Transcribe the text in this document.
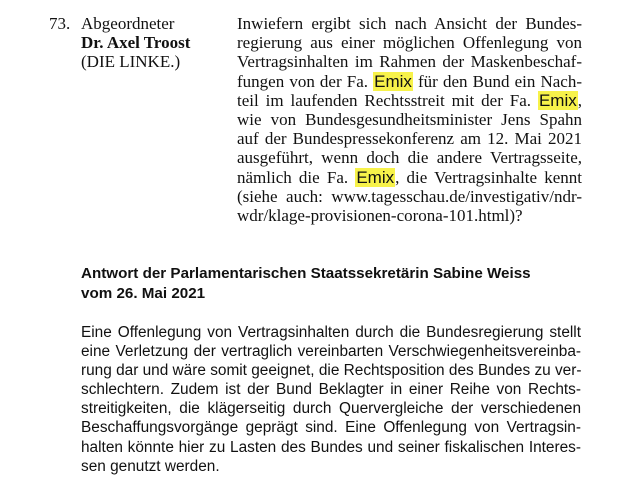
73. Abgeordneter
Dr. Axel Troost
(DIE LINKE.)
Inwiefern ergibt sich nach Ansicht der Bundes-
regierung aus einer möglichen Offenlegung von
Vertragsinhalten im Rahmen der Maskenbeschaf-
fungen von der Fa. Emix für den Bund ein Nach-
teil im laufenden Rechtsstreit mit der Fa. Emix,
wie von Bundesgesundheitsminister Jens Spahn
auf der Bundespressekonferenz am 12. Mai 2021
ausgeführt, wenn doch die andere Vertragsseite,
nämlich die Fa. Emix, die Vertragsinhalte kennt
(siehe auch: www.tagesschau.de/investigativ/ndr-
wdr/klage-provisionen-corona-101.html)?
Antwort der Parlamentarischen Staatssekretärin Sabine Weiss
vom 26. Mai 2021
Eine Offenlegung von Vertragsinhalten durch die Bundesregierung stellt
eine Verletzung der vertraglich vereinbarten Verschwiegenheitsvereinba-
rung dar und wäre somit geeignet, die Rechtsposition des Bundes zu ver-
schlechtern. Zudem ist der Bund Beklagter in einer Reihe von Rechts-
streitigkeiten, die klägerseitig durch Quervergleiche der verschiedenen
Beschaffungsvorgänge geprägt sind. Eine Offenlegung von Vertragsin-
halten könnte hier zu Lasten des Bundes und seiner fiskalischen Interes-
sen genutzt werden.
